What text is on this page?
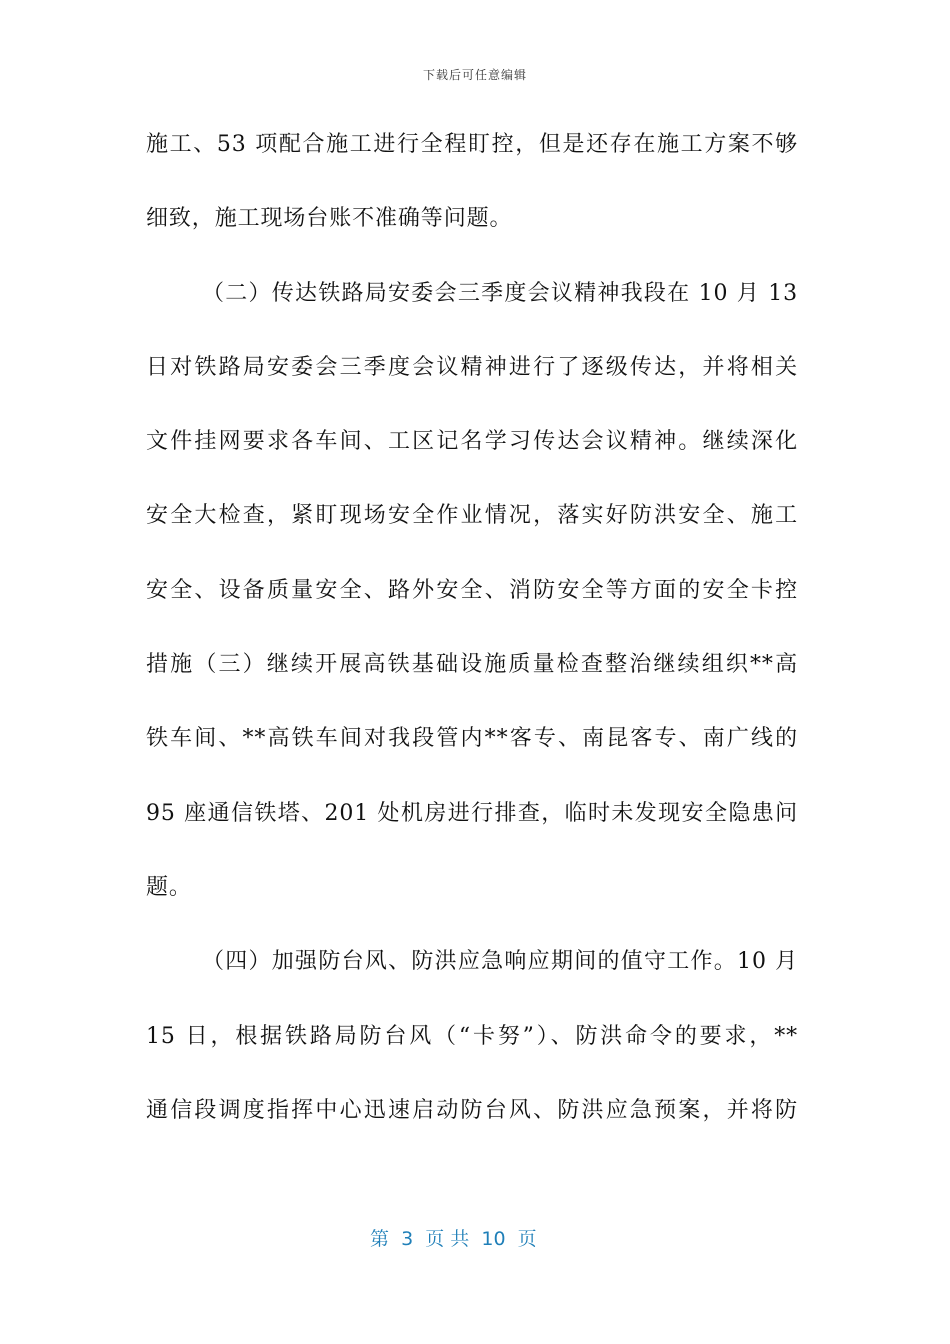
下载后可任意编辑
施工、53 项配合施工进行全程盯控，但是还存在施工方案不够
细致，施工现场台账不准确等问题。
（二）传达铁路局安委会三季度会议精神我段在 10 月 13
日对铁路局安委会三季度会议精神进行了逐级传达，并将相关
文件挂网要求各车间、工区记名学习传达会议精神。继续深化
安全大检查，紧盯现场安全作业情况，落实好防洪安全、施工
安全、设备质量安全、路外安全、消防安全等方面的安全卡控
措施（三）继续开展高铁基础设施质量检查整治继续组织**高
铁车间、**高铁车间对我段管内**客专、南昆客专、南广线的
95 座通信铁塔、201 处机房进行排查，临时未发现安全隐患问
题。
（四）加强防台风、防洪应急响应期间的值守工作。10 月
15 日，根据铁路局防台风（“卡努”）、防洪命令的要求，**
通信段调度指挥中心迅速启动防台风、防洪应急预案，并将防
第  3  页 共  10  页
